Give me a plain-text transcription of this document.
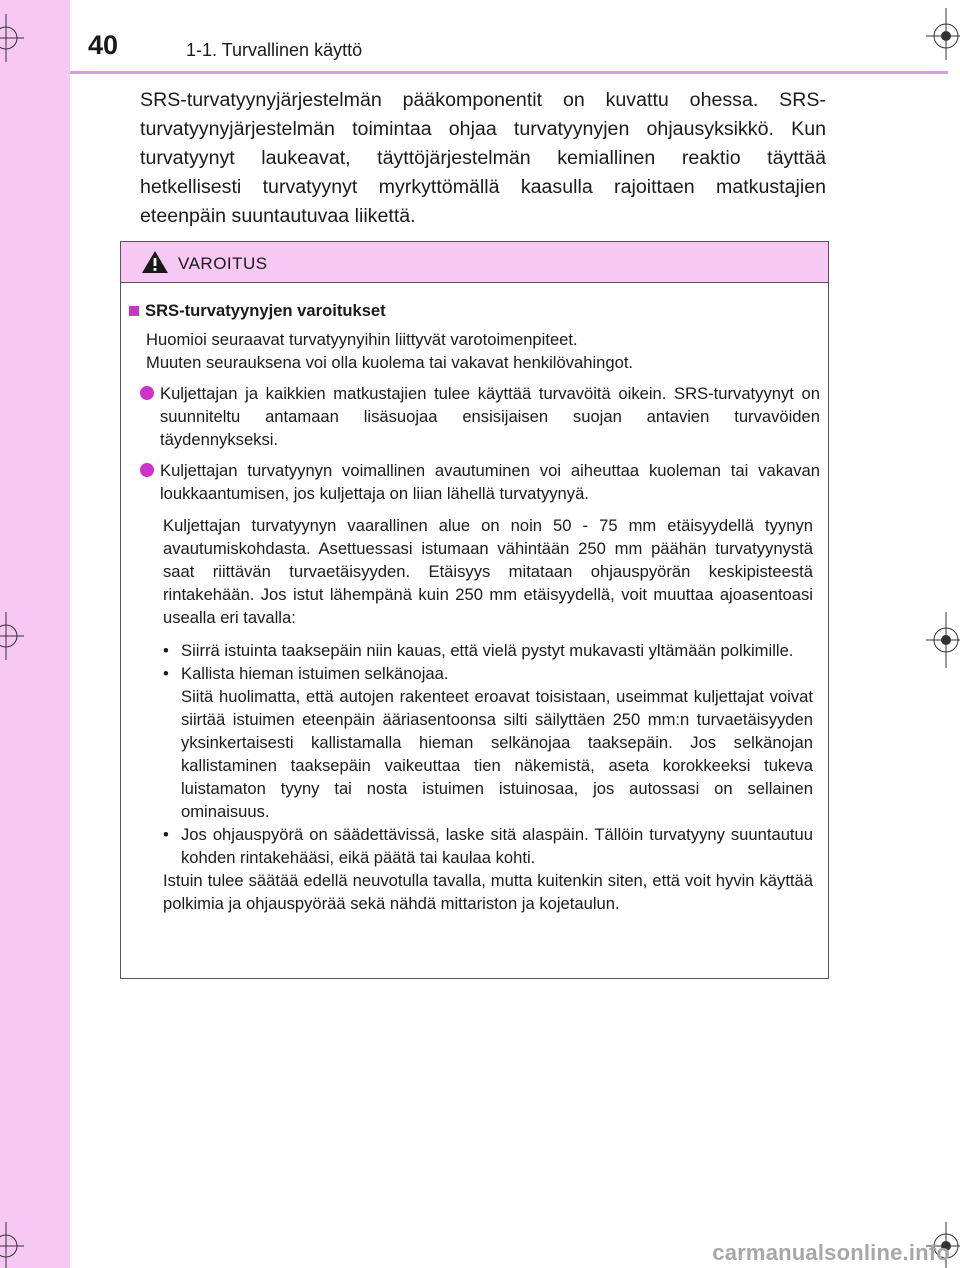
40	1-1. Turvallinen käyttö
SRS-turvatyynyjärjestelmän pääkomponentit on kuvattu ohessa. SRS-turvatyynyjärjestelmän toimintaa ohjaa turvatyynyjen ohjausyksikkö. Kun turvatyynyt laukeavat, täyttöjärjestelmän kemiallinen reaktio täyttää hetkellisesti turvatyynyt myrkyttömällä kaasulla rajoittaen matkustajien eteenpäin suuntautuvaa liikettä.
VAROITUS
SRS-turvatyynyjen varoitukset
Huomioi seuraavat turvatyynyihin liittyvät varotoimenpiteet.
Muuten seurauksena voi olla kuolema tai vakavat henkilövahingot.
Kuljettajan ja kaikkien matkustajien tulee käyttää turvavöitä oikein. SRS-turvatyynyt on suunniteltu antamaan lisäsuojaa ensisijaisen suojan antavien turvavöiden täydennykseksi.
Kuljettajan turvatyynyn voimallinen avautuminen voi aiheuttaa kuoleman tai vakavan loukkaantumisen, jos kuljettaja on liian lähellä turvatyynyä.
Kuljettajan turvatyynyn vaarallinen alue on noin 50 - 75 mm etäisyydellä tyynyn avautumiskohdasta. Asettuessasi istumaan vähintään 250 mm päähän turvatyynystä saat riittävän turvaetäisyyden. Etäisyys mitataan ohjauspyörän keskipisteestä rintakehään. Jos istut lähempänä kuin 250 mm etäisyydellä, voit muuttaa ajoasentoasi usealla eri tavalla:
• Siirrä istuinta taaksepäin niin kauas, että vielä pystyt mukavasti yltämään polkimille.
• Kallista hieman istuimen selkänojaa.
Siitä huolimatta, että autojen rakenteet eroavat toisistaan, useimmat kuljettajat voivat siirtää istuimen eteenpäin ääriasentoonsa silti säilyttäen 250 mm:n turvaetäisyyden yksinkertaisesti kallistamalla hieman selkänojaa taaksepäin. Jos selkänojan kallistaminen taaksepäin vaikeuttaa tien näkemistä, aseta korokkeeksi tukeva luistamaton tyyny tai nosta istuimen istuinosaa, jos autossasi on sellainen ominaisuus.
• Jos ohjauspyörä on säädettävissä, laske sitä alaspäin. Tällöin turvatyyny suuntautuu kohden rintakehääsi, eikä päätä tai kaulaa kohti.
Istuin tulee säätää edellä neuvotulla tavalla, mutta kuitenkin siten, että voit hyvin käyttää polkimia ja ohjauspyörää sekä nähdä mittariston ja kojetaulun.
carmanualsonline.info
